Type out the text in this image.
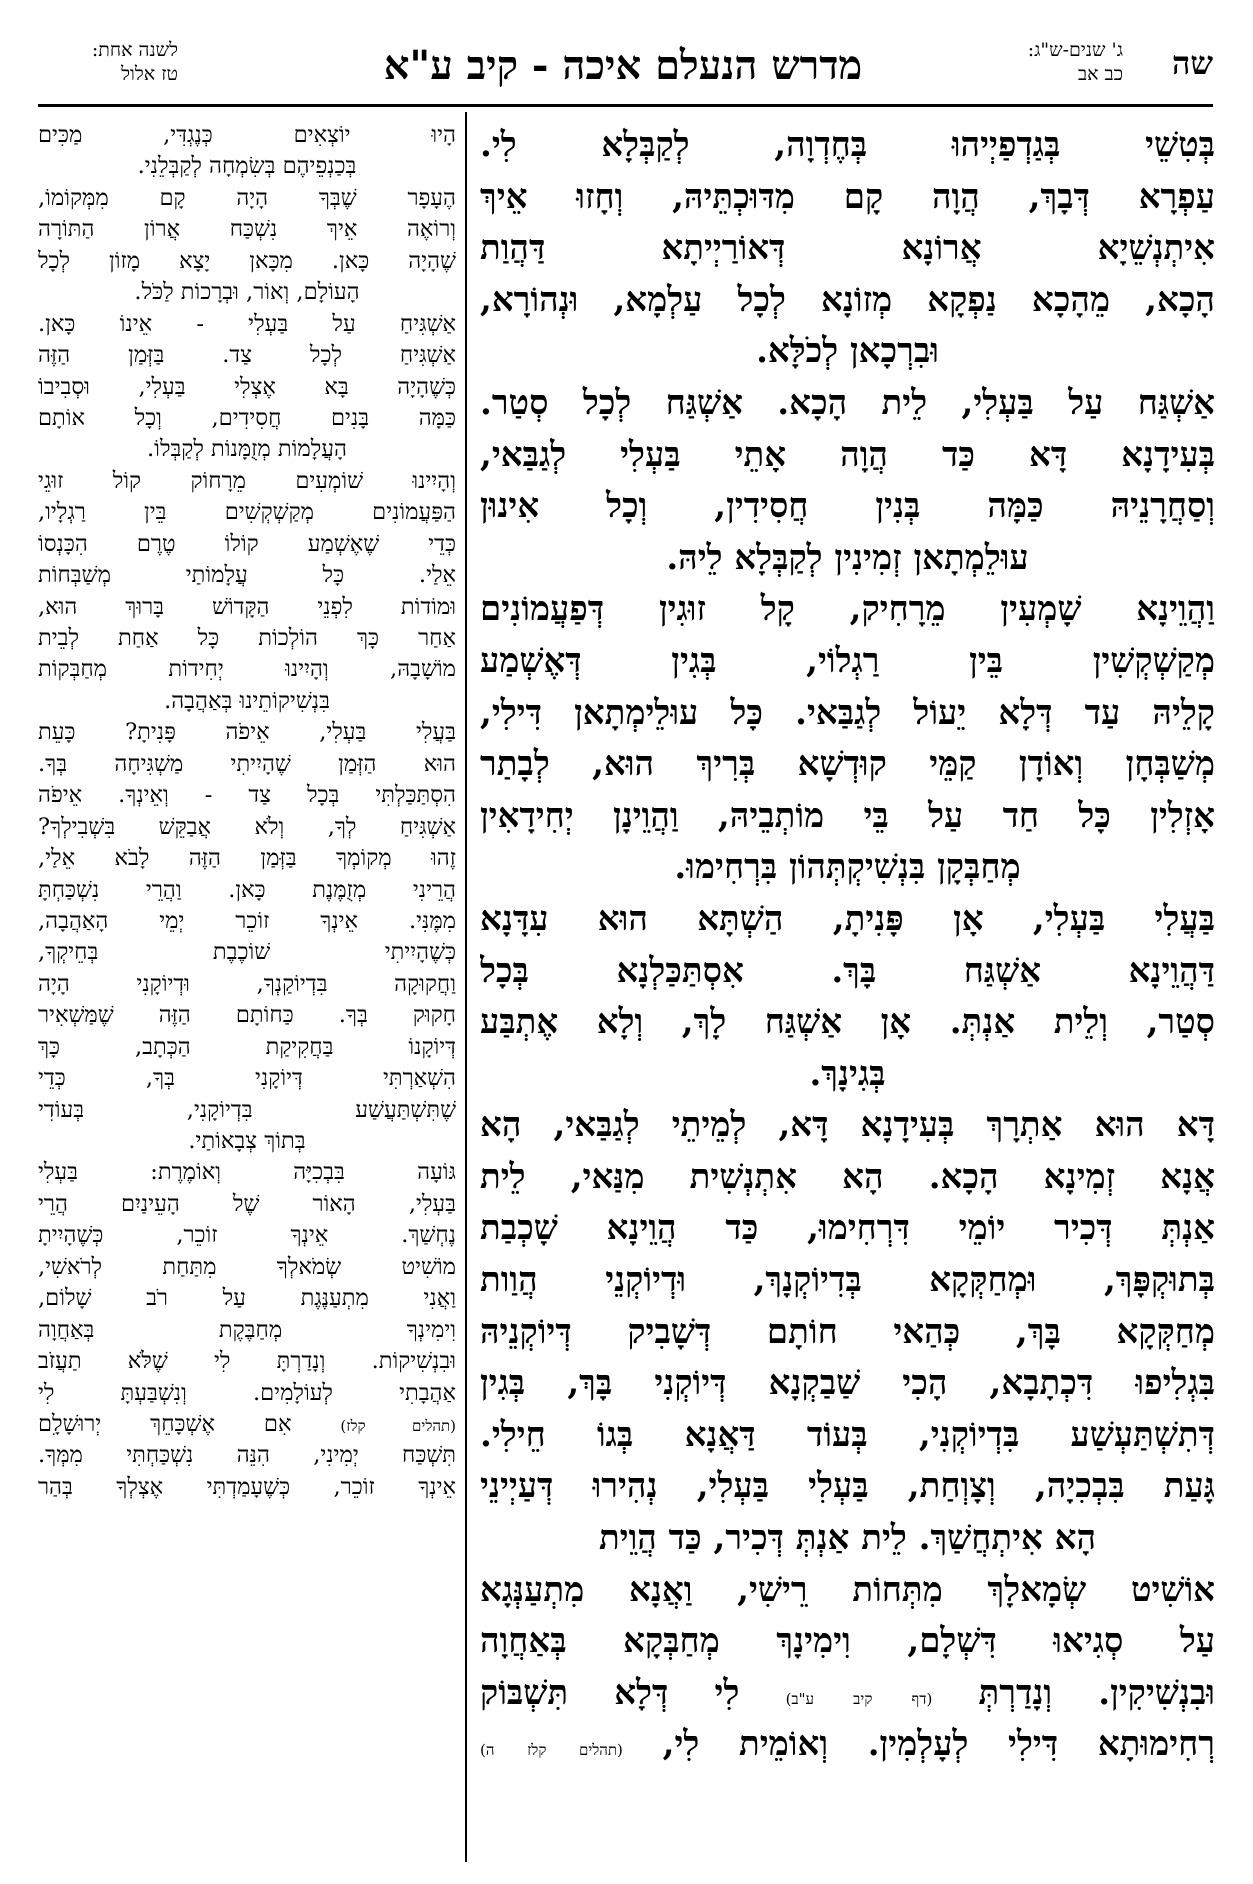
לשנה אחת:
טז אלול	מדרש הנעלם איכה - קיב ע"א	ג' שנים-ש"ג:
כב אב שה
בְּטִשֵׁי בְּגַדְפַיְיהוּ בְּחֶדְוָה, לְקַבְּלָא לִי.
עַפְרָא דְּבָךְ, הֲוָה קָם מִדּוּכְתֵּיהּ, וְחָזוּ אֵיךְ
אִיתְנְשֵׁיָא אֲרוֹנָא דְּאוֹרַיְיתָא דַּהֲוַת
הָכָא, מֵהָכָא נַפְקָא מְזוֹנָא לְכָל עַלְמָא, וּנְהוֹרָא,
וּבִרְכָאן לְכֹלָּא.
אַשְׁגַּח עַל בַּעְלִי, לֵית הָכָא. אַשְׁגַּח לְכָל סְטַר.
בְּעִידָנָא דָּא כַּד הֲוָה אָתֵי בַּעְלִי לְגַבַּאי,
וְסַחֲרָנֵיהּ כַּמָּה בְּנִין חֲסִידִין, וְכָל אִינוּן
עוּלֵמְתָאן זְמִינִין לְקַבְּלָא לֵיהּ.
וַהֲוֵינָא שָׁמְעִין מֵרָחִיק, קָל זוּגִין דְּפַעֲמוֹנִים
מְקַשְׁקְשִׁין בֵּין רַגְלוֹי, בְּגִין דְּאֶשְׁמַע
קָלֵיהּ עַד דְּלָא יֵעוֹל לְגַבַּאי. כָּל עוּלֵימְתָאן דִּילִי,
מְשַׁבְּחָן וְאוֹדָן קַמֵּי קוּדְשָׁא בְּרִיךְ הוּא, לְבָתַר
אָזְלִין כָּל חַד עַל בֵּי מוֹתְבֵיהּ, וַהֲוֵינָן יְחִידָאִין
מְחַבְּקָן בִּנְשִׁיקְתְּהוֹן בִּרְחִימוּ.
בַּעֲלִי בַּעְלִי, אָן פָּנִיתָ, הַשְׁתָּא הוּא עִדָּנָא
דַּהֲוֵינָא אַשְׁגַּח בָּךְ. אִסְתַּכַּלְנָא בְּכָל
סְטַר, וְלֵית אַנְתְּ. אָן אַשְׁגַּח לָךְ, וְלָא אֶתְבַּע
בְּגִינָךְ.
דָּא הוּא אַתְרָךְ בְּעִידָנָא דָּא, לְמֵיתֵי לְגַבַּאי, הָא
אֲנָא זְמִינָא הָכָא. הָא אִתְנְשִׁית מִנַּאי, לֵית
אַנְתְּ דְּכִיר יוֹמֵי דִּרְחִימוּ, כַּד הֲוֵינָא שָׁכְבַת
בְּתוּקְפָּךְ, וּמְחַקְּקָא בְּדִיוֹקְנָךְ, וּדְיוֹקְנֵי הֲוַות
מְחַקְּקָא בָּךְ, כְּהַאי חוֹתָם דְּשָׁבִיק דְּיוֹקְנֵיהּ
בִּגְלִיפוּ דִּכְתָבָא, הָכִי שַׁבַקְנָא דְּיוֹקְנִי בָּךְ, בְּגִין
דְּתִשְׁתַּעְשַׁע בִּדְיוֹקְנִי, בְּעוֹד דַּאֲנָא בְּגוֹ חֵילִי.
גָּעַת בִּבְכִיָה, וְצָוְחַת, בַּעְלִי בַּעְלִי, נְהִירוּ דְּעַיְינֵי
הָא אִיתְחֲשַׁךְ. לֵית אַנְתְּ דְּכִיר, כַּד הֲוֵית
אוֹשִׁיט שְׂמָאלָךְ מִתְּחוֹת רֵישִׁי, וַאֲנָא מִתְעַנְּגָא
עַל סְגִיאוּ דִּשְׁלָם, וִימִינָךְ מְחַבְּקָא בְּאַחֲוָה
וּבִנְשִׁיקִין. וְנָדַרְתְּ (דף קיב ע"ב) לִי דְּלָא תִּשְׁבּוֹק
רְחִימוּתָא דִּילִי לְעָלְמִין. וְאוֹמֵית לִי, (תהלים קלז ה)
הָיוּ יוֹצְאִים כְּנֶגְדִּי, מַכִּים
בְּכַנְפֵיהֶם בְּשִׂמְחָה לְקַבְּלֵנִי.
הֶעָפָר שֶׁבְּךָ הָיָה קָם מִמְּקוֹמוֹ,
וְרוֹאֶה אֵיךְ נִשְׁכַּח אֲרוֹן הַתּוֹרָה
שֶׁהָיָה כָּאן. מִכָּאן יָצָא מָזוֹן לְכָל
הָעוֹלָם, וְאוֹר, וּבְרָכוֹת לַכֹּל.
אַשְׁגִּיחַ עַל בַּעְלִי - אֵינוֹ כָּאן.
אַשְׁגִּיחַ לְכָל צַד. בַּזְּמַן הַזֶּה
כְּשֶׁהָיָה בָּא אֶצְלִי בַּעְלִי, וּסְבִיבוֹ
כַּמָּה בָּנִים חֲסִידִים, וְכָל אוֹתָם
הָעֲלָמוֹת מְזֻמָּנוֹת לְקַבְּלוֹ.
וְהָיִינוּ שׁוֹמְעִים מֵרָחוֹק קוֹל זוּגֵי
הַפַּעֲמוֹנִים מְקַשְׁקְשִׁים בֵּין רַגְלָיו,
כְּדֵי שֶׁאֶשְׁמַע קוֹלוֹ טֶרֶם הִכָּנְסוֹ
אֵלַי. כָּל עֲלָמוֹתַי מְשַׁבְּחוֹת
וּמוֹדוֹת לִפְנֵי הַקָּדוֹשׁ בָּרוּךְ הוּא,
אַחַר כָּךְ הוֹלְכוֹת כָּל אַחַת לְבֵית
מוֹשָׁבָהּ, וְהָיִינוּ יְחִידוֹת מְחַבְּקוֹת
בִּנְשִׁיקוֹתֵינוּ בְּאַהֲבָה.
בַּעֲלִי בַּעְלִי, אֵיפֹה פָּנִיתָ? כָּעֵת
הוּא הַזְּמַן שֶׁהָיִיתִי מַשְׁגִּיחָה בְּךָ.
הִסְתַּכַּלְתִּי בְּכָל צַד - וְאֵינְךָ. אֵיפֹה
אַשְׁגִּיחַ לְךָ, וְלֹא אֲבַקֵּשׁ בִּשְׁבִילְךָ?
זֶהוּ מְקוֹמְךָ בַּזְּמַן הַזֶּה לָבֹא אֵלַי,
הֲרֵינִי מְזֻמֶּנֶת כָּאן. וַהֲרֵי נִשְׁכַּחְתָּ
מִמֶּנִּי. אֵינְךָ זוֹכֵר יְמֵי הָאַהֲבָה,
כְּשֶׁהָיִיתִי שׁוֹכֶבֶת בְּחֵיקְךָ,
וַחֲקוּקָה בִּדְיוֹקַנְךָ, וּדְיוֹקָנִי הָיָה
חָקוּק בְּךָ. כַּחוֹתָם הַזֶּה שֶׁמַּשְׁאִיר
דְּיוֹקָנוֹ בַּחֲקִיקַת הַכְּתָב, כָּךְ
הִשְׁאַרְתִּי דְּיוֹקָנִי בְּךָ, כְּדֵי
שֶׁתִּשְׁתַּעֲשַׁע בִּדְיוֹקָנִי, בְּעוֹדִי
בְּתוֹךְ צְבָאוֹתַי.
גּוֹעָה בִּבְכִיָּה וְאוֹמֶרֶת: בַּעְלִי
בַּעְלִי, הָאוֹר שֶׁל הָעֵינַיִם הֲרֵי
נֶחְשַׁךְ. אֵינְךָ זוֹכֵר, כְּשֶׁהָיִיתָ
מוֹשִׁיט שְׂמֹאלְךָ מִתַּחַת לְרֹאשִׁי,
וַאֲנִי מִתְעַנֶּגֶת עַל רֹב שָׁלוֹם,
וִימִינְךָ מְחַבֶּקֶת בְּאַחֲוָה
וּבִנְשִׁיקוֹת. וְנָדַרְתָּ לִי שֶׁלֹּא תַעֲזֹב
אַהֲבָתִי לְעוֹלָמִים. וְנִשְׁבַּעְתָּ לִי
(תהלים קלז) אִם אֶשְׁכָּחֵךְ יְרוּשָׁלִָם
תִּשְׁכַּח יְמִינִי, הִנֵּה נִשְׁכַּחְתִּי מִמְּךָ.
אֵינְךָ זוֹכֵר, כְּשֶׁעָמַדְתִּי אֶצְלְךָ בְּהַר
